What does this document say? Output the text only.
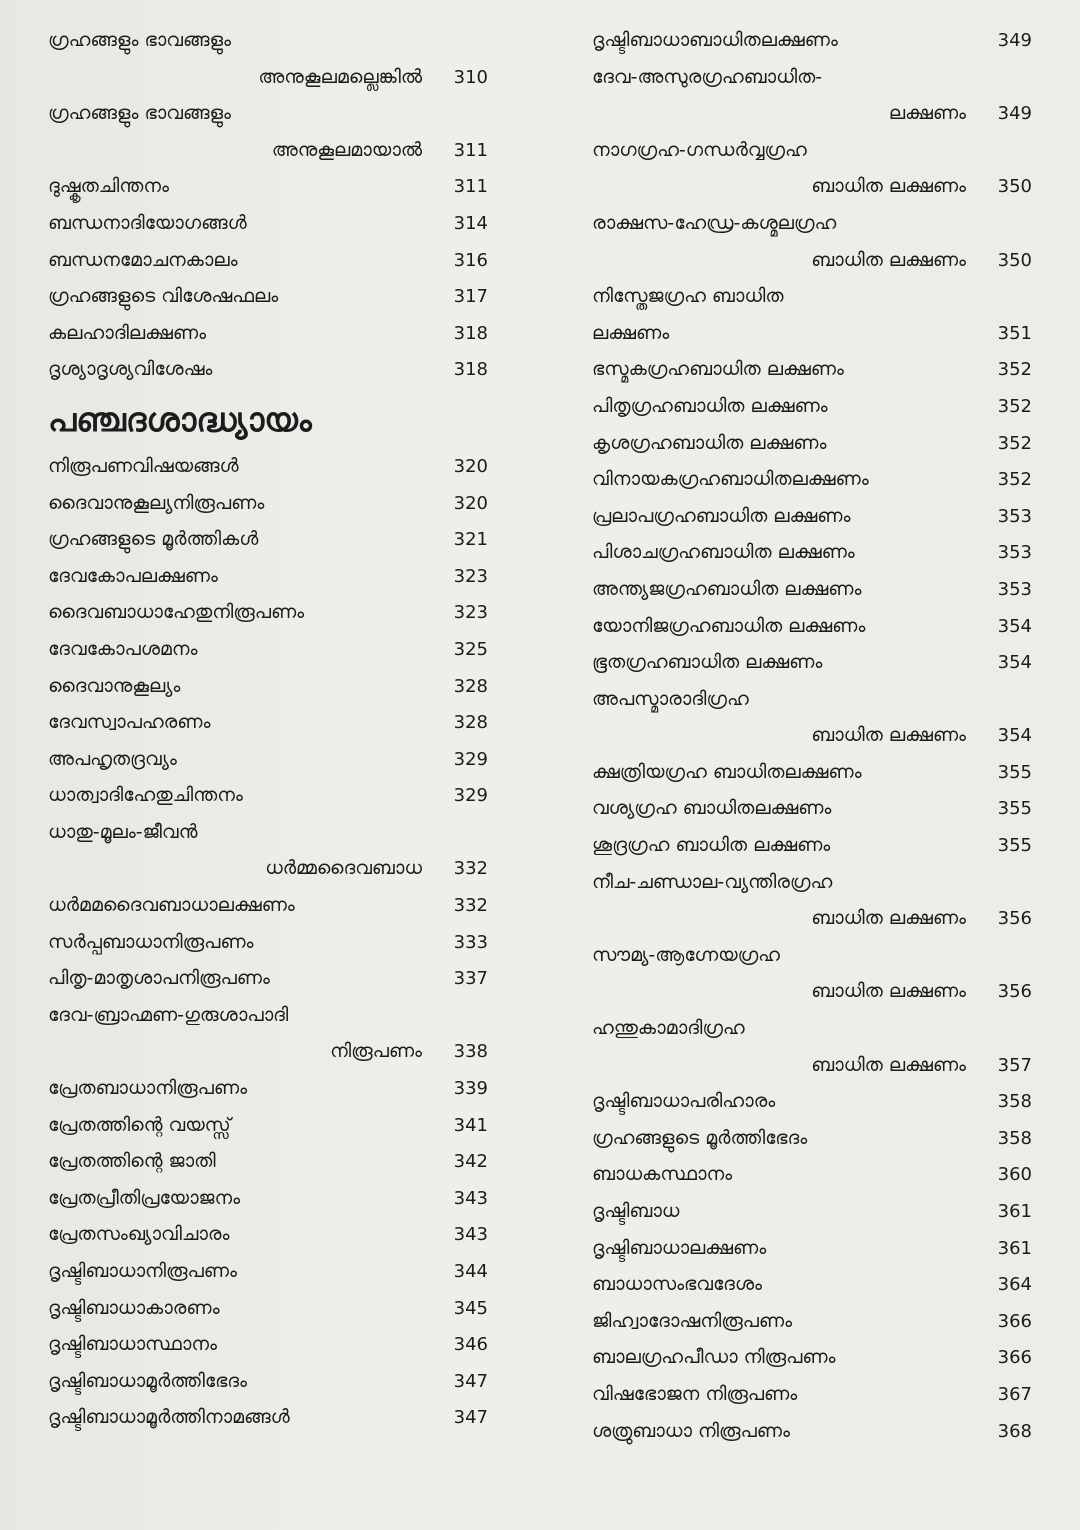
ഗ്രഹങ്ങളും ഭാവങ്ങളും
അനുകൂലമല്ലെങ്കിൽ	310
ഗ്രഹങ്ങളും ഭാവങ്ങളും
അനുകൂലമായാൽ	311
ദുഷ്കൃതചിന്തനം	311
ബന്ധനാദിയോഗങ്ങൾ	314
ബന്ധനമോചനകാലം	316
ഗ്രഹങ്ങളുടെ വിശേഷഫലം	317
കലഹാദിലക്ഷണം	318
ദൃശ്യാദൃശ്യവിശേഷം	318
പഞ്ചദശാദ്ധ്യായം
നിരൂപണവിഷയങ്ങൾ	320
ദൈവാനുകൂല്യനിരൂപണം	320
ഗ്രഹങ്ങളുടെ മൂർത്തികൾ	321
ദേവകോപലക്ഷണം	323
ദൈവബാധാഹേതുനിരൂപണം	323
ദേവകോപശമനം	325
ദൈവാനുകൂല്യം	328
ദേവസ്വാപഹരണം	328
അപഹൃതദ്രവ്യം	329
ധാത്വാദിഹേതുചിന്തനം	329
ധാതു-മൂലം-ജീവൻ
ധർമ്മദൈവബാധ	332
ധർമമദൈവബാധാലക്ഷണം	332
സർപ്പബാധാനിരൂപണം	333
പിതൃ-മാതൃശാപനിരൂപണം	337
ദേവ-ബ്രാഹ്മണ-ഗുരുശാപാദി
നിരൂപണം	338
പ്രേതബാധാനിരൂപണം	339
പ്രേതത്തിന്റെ വയസ്സ്	341
പ്രേതത്തിന്റെ ജാതി	342
പ്രേതപ്രീതിപ്രയോജനം	343
പ്രേതസംഖ്യാവിചാരം	343
ദൃഷ്ടിബാധാനിരൂപണം	344
ദൃഷ്ടിബാധാകാരണം	345
ദൃഷ്ടിബാധാസ്ഥാനം	346
ദൃഷ്ടിബാധാമൂർത്തിഭേദം	347
ദൃഷ്ടിബാധാമൂർത്തിനാമങ്ങൾ	347
ദൃഷ്ടിബാധാബാധിതലക്ഷണം	349
ദേവ-അസുരഗ്രഹബാധിത-
ലക്ഷണം	349
നാഗഗ്രഹ-ഗന്ധർവ്വഗ്രഹ
ബാധിത ലക്ഷണം	350
രാക്ഷസ-ഹേഡ്ര-കശ്മലഗ്രഹ
ബാധിത ലക്ഷണം	350
നിസ്തേജഗ്രഹ ബാധിത
ലക്ഷണം	351
ഭസ്മകഗ്രഹബാധിത ലക്ഷണം	352
പിതൃഗ്രഹബാധിത ലക്ഷണം	352
കൃശഗ്രഹബാധിത ലക്ഷണം	352
വിനായകഗ്രഹബാധിതലക്ഷണം	352
പ്രലാപഗ്രഹബാധിത ലക്ഷണം	353
പിശാചഗ്രഹബാധിത ലക്ഷണം	353
അന്ത്യജഗ്രഹബാധിത ലക്ഷണം	353
യോനിജഗ്രഹബാധിത ലക്ഷണം	354
ഭൂതഗ്രഹബാധിത ലക്ഷണം	354
അപസ്മാരാദിഗ്രഹ
ബാധിത ലക്ഷണം	354
ക്ഷത്രിയഗ്രഹ ബാധിതലക്ഷണം	355
വശ്യഗ്രഹ ബാധിതലക്ഷണം	355
ശൂദ്രഗ്രഹ ബാധിത ലക്ഷണം	355
നീച-ചണ്ഡാല-വ്യന്തിരഗ്രഹ
ബാധിത ലക്ഷണം	356
സൗമ്യ-ആഗ്നേയഗ്രഹ
ബാധിത ലക്ഷണം	356
ഹന്തുകാമാദിഗ്രഹ
ബാധിത ലക്ഷണം	357
ദൃഷ്ടിബാധാപരിഹാരം	358
ഗ്രഹങ്ങളുടെ മൂർത്തിഭേദം	358
ബാധകസ്ഥാനം	360
ദൃഷ്ടിബാധ	361
ദൃഷ്ടിബാധാലക്ഷണം	361
ബാധാസംഭവദേശം	364
ജിഹ്വാദോഷനിരൂപണം	366
ബാലഗ്രഹപീഡാ നിരൂപണം	366
വിഷഭോജന നിരൂപണം	367
ശത്രുബാധാ നിരൂപണം	368
